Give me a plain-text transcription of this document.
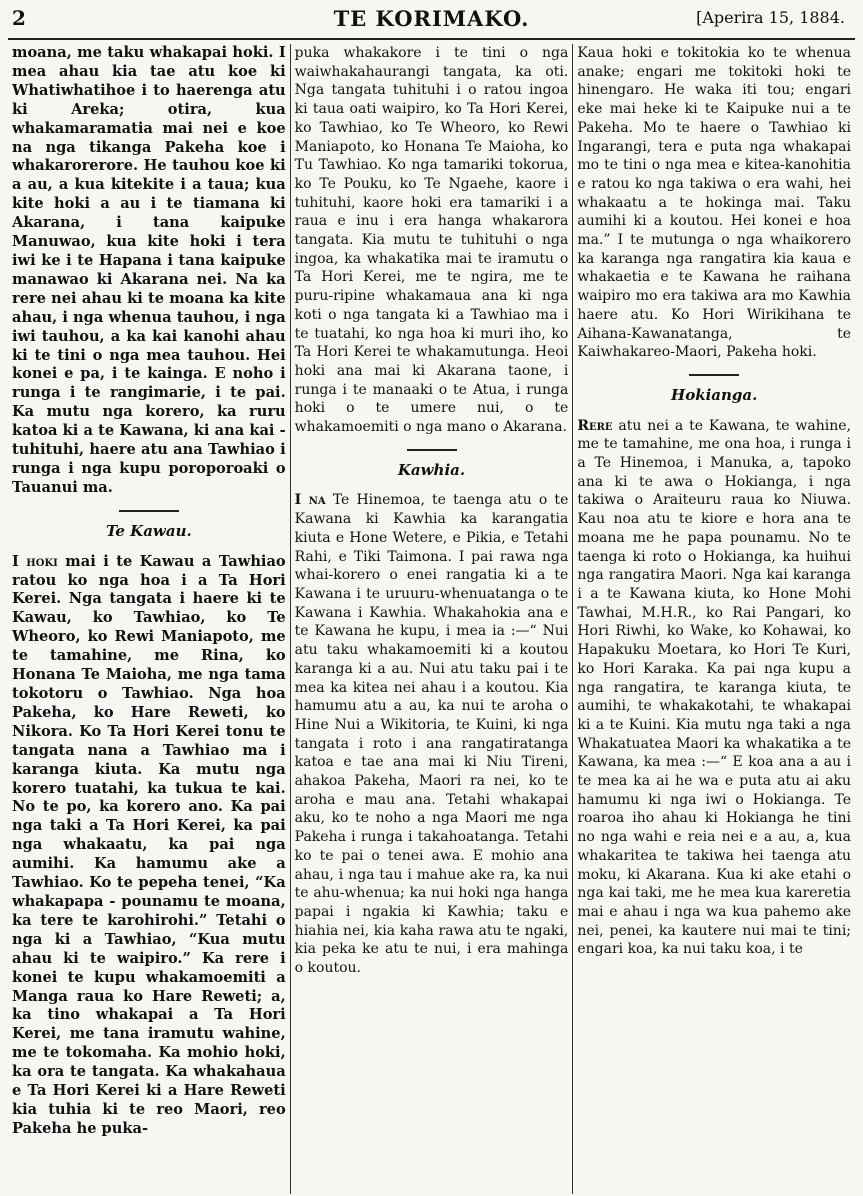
2	TE KORIMAKO.	[Aperira 15, 1884.

moana, me taku whakapai hoki. I mea ahau kia tae atu koe ki Whatiwhatihoe i to haerenga atu ki Areka; otira, kua whakamaramatia mai nei e koe na nga tikanga Pakeha koe i whakarorerore. He tauhou koe ki a au, a kua kitekite i a taua; kua kite hoki a au i te tiamana ki Akarana, i tana kaipuke Manuwao, kua kite hoki i tera iwi ke i te Hapana i tana kaipuke manawao ki Akarana nei. Na ka rere nei ahau ki te moana ka kite ahau, i nga whenua tauhou, i nga iwi tauhou, a ka kai kanohi ahau ki te tini o nga mea tauhou. Hei konei e pa, i te kainga. E noho i runga i te rangimarie, i te pai. Ka mutu nga korero, ka ruru katoa ki a te Kawana, ki ana kai - tuhituhi, haere atu ana Tawhiao i runga i nga kupu poroporoaki o Tauanui ma.

Te Kawau.

I hoki mai i te Kawau a Tawhiao ratou ko nga hoa i a Ta Hori Kerei. Nga tangata i haere ki te Kawau, ko Tawhiao, ko Te Wheoro, ko Rewi Maniapoto, me te tamahine, me Rina, ko Honana Te Maioha, me nga tama tokotoru o Tawhiao. Nga hoa Pakeha, ko Hare Reweti, ko Nikora. Ko Ta Hori Kerei tonu te tangata nana a Tawhiao ma i karanga kiuta. Ka mutu nga korero tuatahi, ka tukua te kai. No te po, ka korero ano. Ka pai nga taki a Ta Hori Kerei, ka pai nga whakaatu, ka pai nga aumihi. Ka hamumu ake a Tawhiao. Ko te pepeha tenei, “Ka whakapapa - pounamu te moana, ka tere te karohirohi.” Tetahi o nga ki a Tawhiao, “Kua mutu ahau ki te waipiro.” Ka rere i konei te kupu whakamoemiti a Manga raua ko Hare Reweti; a, ka tino whakapai a Ta Hori Kerei, me tana iramutu wahine, me te tokomaha. Ka mohio hoki, ka ora te tangata. Ka whakahaua e Ta Hori Kerei ki a Hare Reweti kia tuhia ki te reo Maori, reo Pakeha he puka-

puka whakakore i te tini o nga waiwhakahaurangi tangata, ka oti. Nga tangata tuhituhi i o ratou ingoa ki taua oati waipiro, ko Ta Hori Kerei, ko Tawhiao, ko Te Wheoro, ko Rewi Maniapoto, ko Honana Te Maioha, ko Tu Tawhiao. Ko nga tamariki tokorua, ko Te Pouku, ko Te Ngaehe, kaore i tuhituhi, kaore hoki era tamariki i a raua e inu i era hanga whakarora tangata. Kia mutu te tuhituhi o nga ingoa, ka whakatika mai te iramutu o Ta Hori Kerei, me te ngira, me te puru-ripine whakamaua ana ki nga koti o nga tangata ki a Tawhiao ma i te tuatahi, ko nga hoa ki muri iho, ko Ta Hori Kerei te whakamutunga. Heoi hoki ana mai ki Akarana taone, i runga i te manaaki o te Atua, i runga hoki o te umere nui, o te whakamoemiti o nga mano o Akarana.

Kawhia.

I na Te Hinemoa, te taenga atu o te Kawana ki Kawhia ka karangatia kiuta e Hone Wetere, e Pikia, e Tetahi Rahi, e Tiki Taimona. I pai rawa nga whai-korero o enei rangatia ki a te Kawana i te uruuru-whenuatanga o te Kawana i Kawhia. Whakahokia ana e te Kawana he kupu, i mea ia :—“ Nui atu taku whakamoemiti ki a koutou karanga ki a au. Nui atu taku pai i te mea ka kitea nei ahau i a koutou. Kia hamumu atu a au, ka nui te aroha o Hine Nui a Wikitoria, te Kuini, ki nga tangata i roto i ana rangatiratanga katoa e tae ana mai ki Niu Tireni, ahakoa Pakeha, Maori ra nei, ko te aroha e mau ana. Tetahi whakapai aku, ko te noho a nga Maori me nga Pakeha i runga i takahoatanga. Tetahi ko te pai o tenei awa. E mohio ana ahau, i nga tau i mahue ake ra, ka nui te ahu-whenua; ka nui hoki nga hanga papai i ngakia ki Kawhia; taku e hiahia nei, kia kaha rawa atu te ngaki, kia peka ke atu te nui, i era mahinga o koutou.

Kaua hoki e tokitokia ko te whenua anake; engari me tokitoki hoki te hinengaro. He waka iti tou; engari eke mai heke ki te Kaipuke nui a te Pakeha. Mo te haere o Tawhiao ki Ingarangi, tera e puta nga whakapai mo te tini o nga mea e kitea-kanohitia e ratou ko nga takiwa o era wahi, hei whakaatu a te hokinga mai. Taku aumihi ki a koutou. Hei konei e hoa ma.” I te mutunga o nga whaikorero ka karanga nga rangatira kia kaua e whakaetia e te Kawana he raihana waipiro mo era takiwa ara mo Kawhia haere atu. Ko Hori Wirikihana te Aihana-Kawanatanga, te Kaiwhakareo-Maori, Pakeha hoki.

Hokianga.

Rere atu nei a te Kawana, te wahine, me te tamahine, me ona hoa, i runga i a Te Hinemoa, i Manuka, a, tapoko ana ki te awa o Hokianga, i nga takiwa o Araiteuru raua ko Niuwa. Kau noa atu te kiore e hora ana te moana me he papa pounamu. No te taenga ki roto o Hokianga, ka huihui nga rangatira Maori. Nga kai karanga i a te Kawana kiuta, ko Hone Mohi Tawhai, M.H.R., ko Rai Pangari, ko Hori Riwhi, ko Wake, ko Kohawai, ko Hapakuku Moetara, ko Hori Te Kuri, ko Hori Karaka. Ka pai nga kupu a nga rangatira, te karanga kiuta, te aumihi, te whakakotahi, te whakapai ki a te Kuini. Kia mutu nga taki a nga Whakatuatea Maori ka whakatika a te Kawana, ka mea :—“ E koa ana a au i te mea ka ai he wa e puta atu ai aku hamumu ki nga iwi o Hokianga. Te roaroa iho ahau ki Hokianga he tini no nga wahi e reia nei e a au, a, kua whakaritea te takiwa hei taenga atu moku, ki Akarana. Kua ki ake etahi o nga kai taki, me he mea kua kareretia mai e ahau i nga wa kua pahemo ake nei, penei, ka kautere nui mai te tini; engari koa, ka nui taku koa, i te
